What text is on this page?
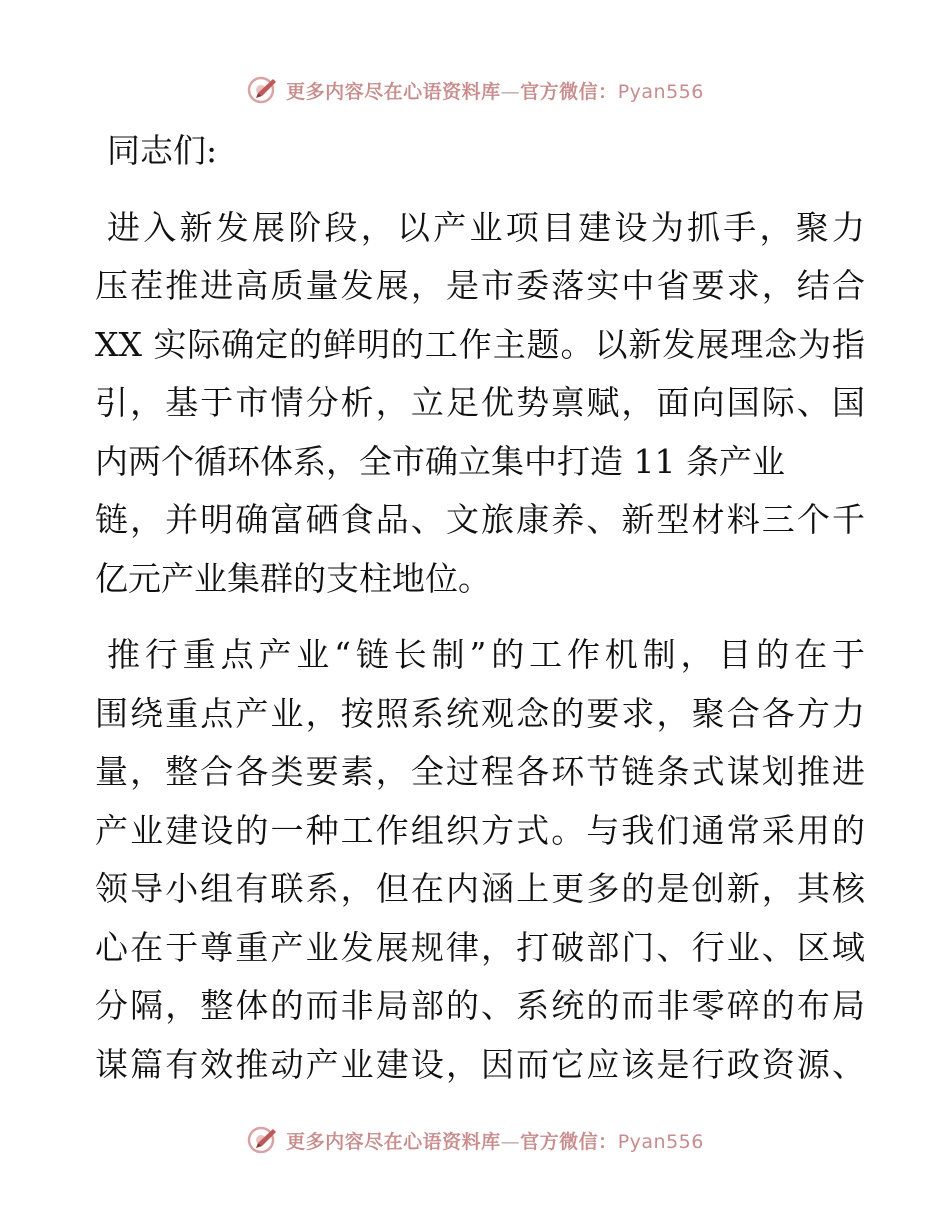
更多内容尽在心语资料库—官方微信：Pyan556
同志们:
进入新发展阶段，以产业项目建设为抓手，聚力
压茬推进高质量发展，是市委落实中省要求，结合
XX 实际确定的鲜明的工作主题。以新发展理念为指
引，基于市情分析，立足优势禀赋，面向国际、国
内两个循环体系，全市确立集中打造 11 条产业
链，并明确富硒食品、文旅康养、新型材料三个千
亿元产业集群的支柱地位。
推行重点产业“链长制”的工作机制，目的在于
围绕重点产业，按照系统观念的要求，聚合各方力
量，整合各类要素，全过程各环节链条式谋划推进
产业建设的一种工作组织方式。与我们通常采用的
领导小组有联系，但在内涵上更多的是创新，其核
心在于尊重产业发展规律，打破部门、行业、区域
分隔，整体的而非局部的、系统的而非零碎的布局
谋篇有效推动产业建设，因而它应该是行政资源、
更多内容尽在心语资料库—官方微信：Pyan556
